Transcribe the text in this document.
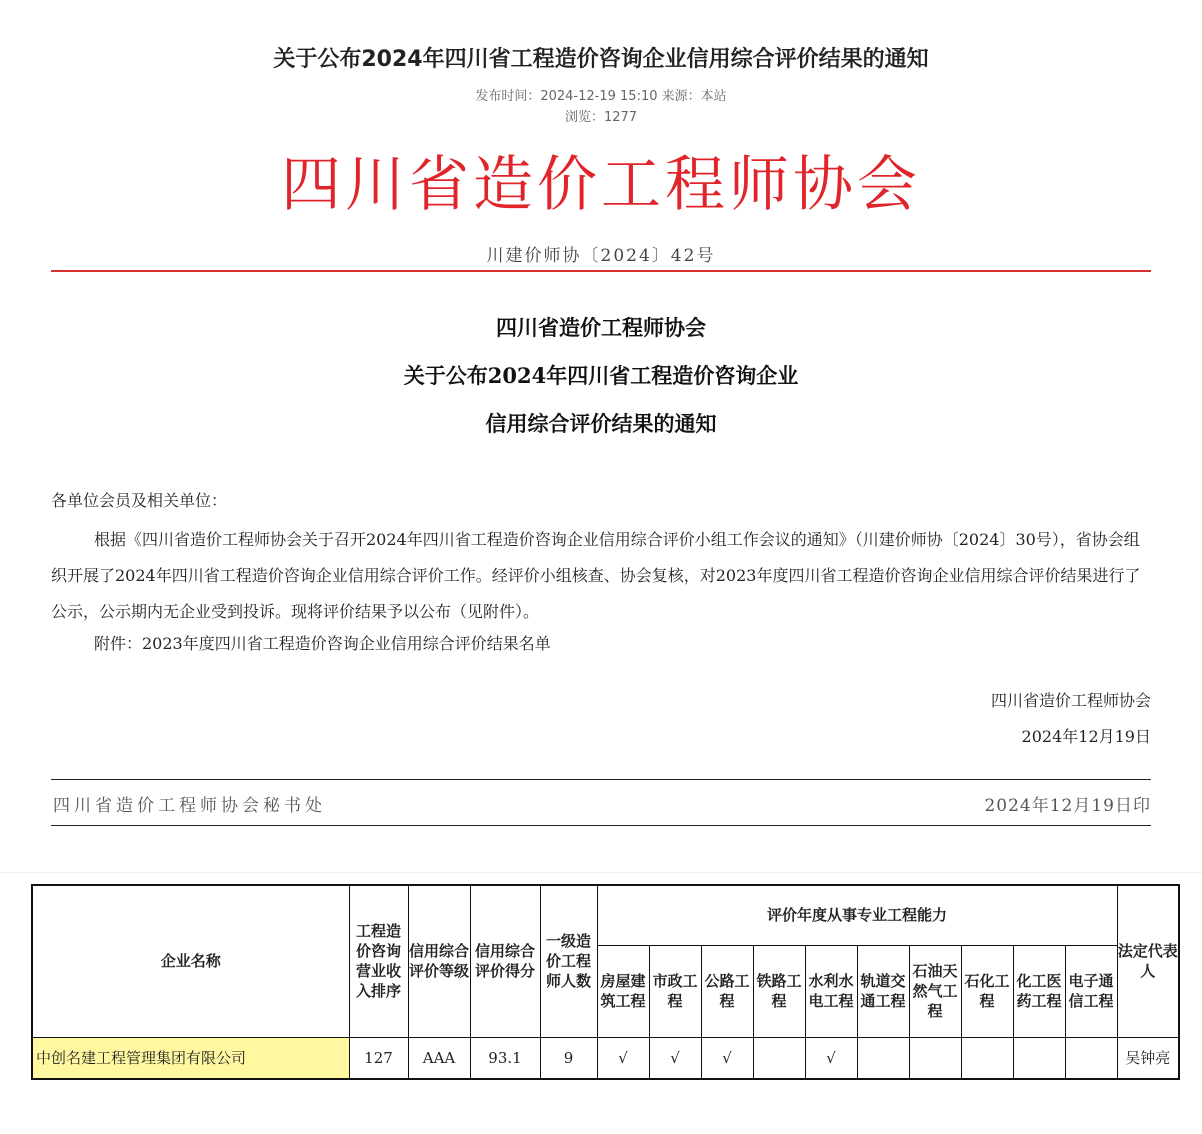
关于公布2024年四川省工程造价咨询企业信用综合评价结果的通知
发布时间：2024-12-19 15:10 来源：本站
浏览：1277
四川省造价工程师协会
川建价师协〔2024〕42号
四川省造价工程师协会
关于公布2024年四川省工程造价咨询企业
信用综合评价结果的通知
各单位会员及相关单位：
根据《四川省造价工程师协会关于召开2024年四川省工程造价咨询企业信用综合评价小组工作会议的通知》（川建价师协〔2024〕30号），省协会组织开展了2024年四川省工程造价咨询企业信用综合评价工作。经评价小组核查、协会复核，对2023年度四川省工程造价咨询企业信用综合评价结果进行了公示，公示期内无企业受到投诉。现将评价结果予以公布（见附件）。
附件：2023年度四川省工程造价咨询企业信用综合评价结果名单
四川省造价工程师协会
2024年12月19日
四川省造价工程师协会秘书处	2024年12月19日印
企业名称	工程造价咨询营业收入排序	信用综合评价等级	信用综合评价得分	一级造价工程师人数	评价年度从事专业工程能力										法定代表人
					房屋建筑工程	市政工程	公路工程	铁路工程	水利水电工程	轨道交通工程	石油天然气工程	石化工程	化工医药工程	电子通信工程	
中创名建工程管理集团有限公司	127	AAA	93.1	9	√	√	√		√						吴钟亮
